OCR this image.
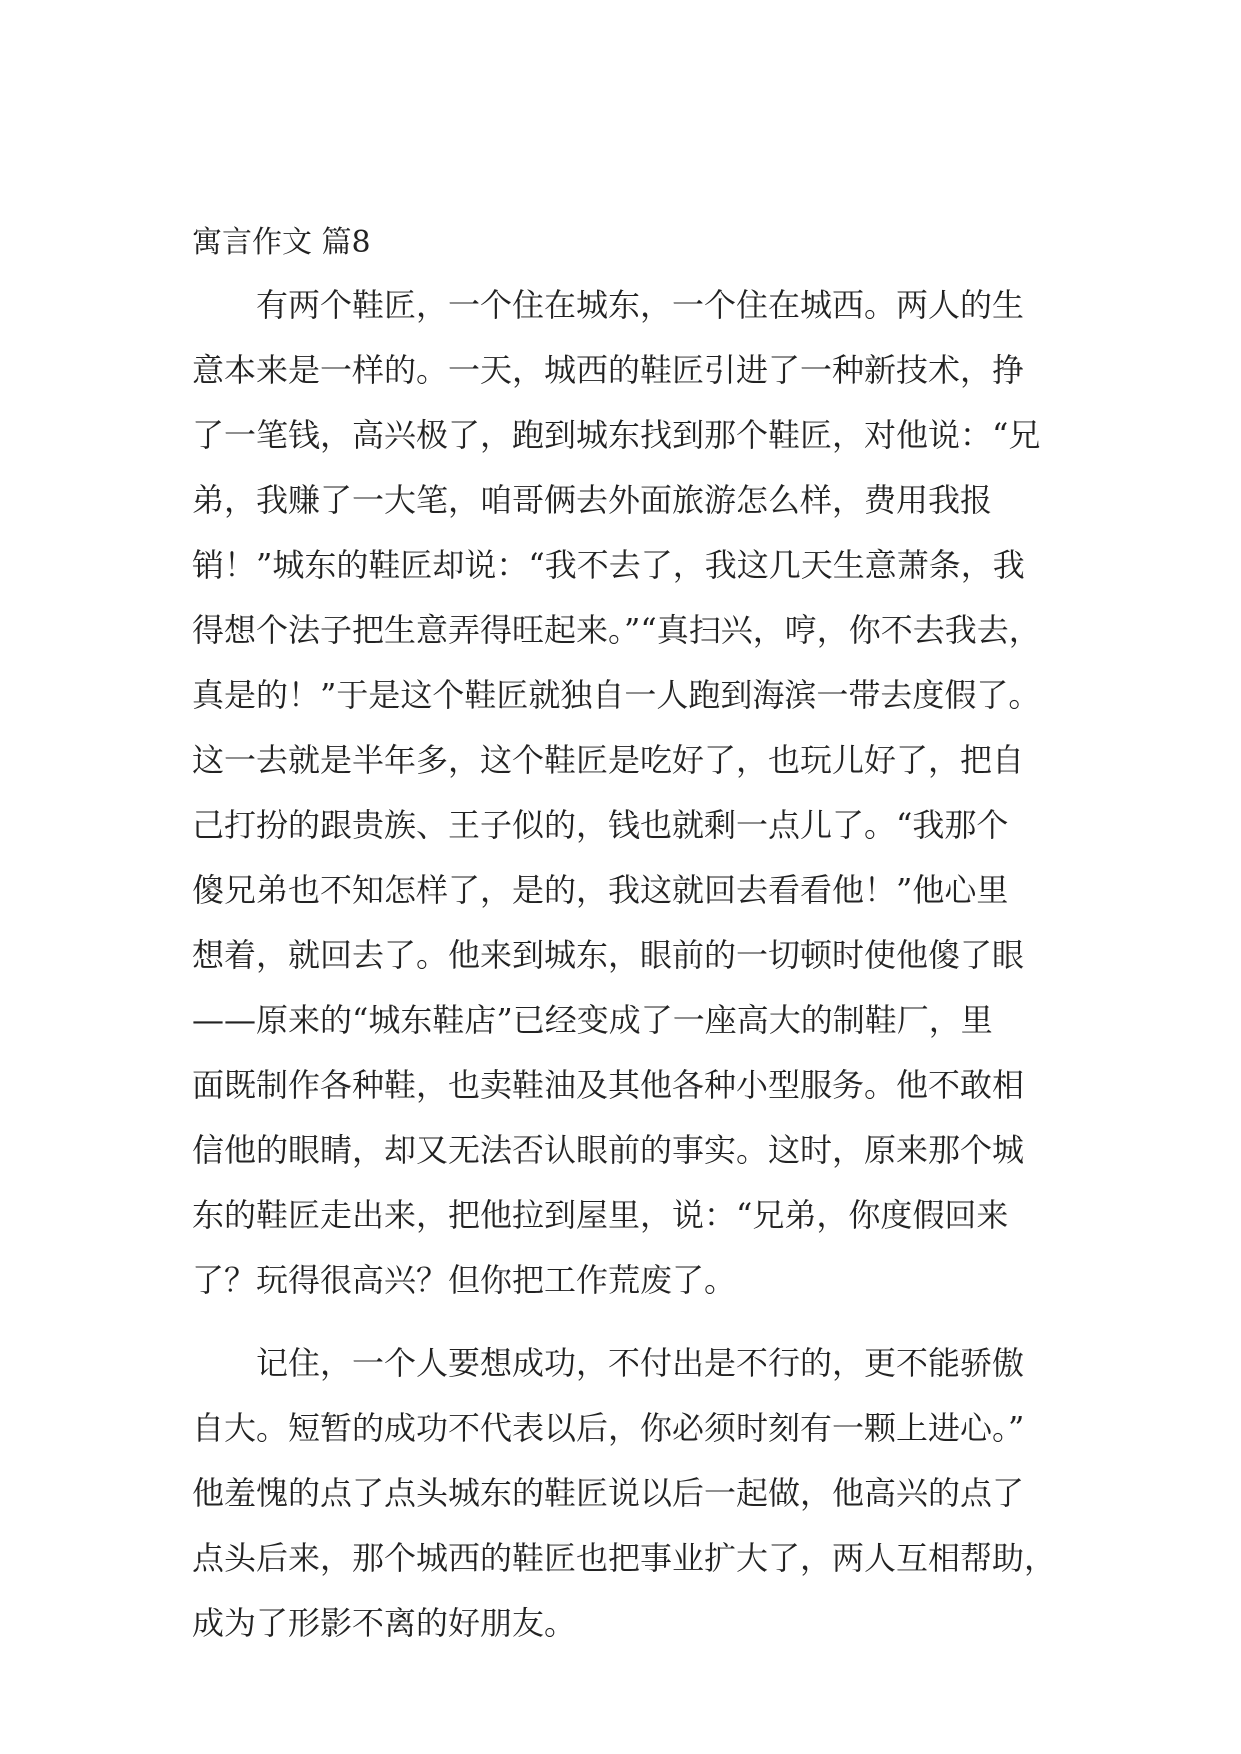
寓言作文 篇8

　　有两个鞋匠，一个住在城东，一个住在城西。两人的生
意本来是一样的。一天，城西的鞋匠引进了一种新技术，挣
了一笔钱，高兴极了，跑到城东找到那个鞋匠，对他说：“兄
弟，我赚了一大笔，咱哥俩去外面旅游怎么样，费用我报
销！”城东的鞋匠却说：“我不去了，我这几天生意萧条，我
得想个法子把生意弄得旺起来。”“真扫兴，哼，你不去我去，
真是的！”于是这个鞋匠就独自一人跑到海滨一带去度假了。
这一去就是半年多，这个鞋匠是吃好了，也玩儿好了，把自
己打扮的跟贵族、王子似的，钱也就剩一点儿了。“我那个
傻兄弟也不知怎样了，是的，我这就回去看看他！”他心里
想着，就回去了。他来到城东，眼前的一切顿时使他傻了眼
——原来的“城东鞋店”已经变成了一座高大的制鞋厂，里
面既制作各种鞋，也卖鞋油及其他各种小型服务。他不敢相
信他的眼睛，却又无法否认眼前的事实。这时，原来那个城
东的鞋匠走出来，把他拉到屋里，说：“兄弟，你度假回来
了？玩得很高兴？但你把工作荒废了。

　　记住，一个人要想成功，不付出是不行的，更不能骄傲
自大。短暂的成功不代表以后，你必须时刻有一颗上进心。”
他羞愧的点了点头城东的鞋匠说以后一起做，他高兴的点了
点头后来，那个城西的鞋匠也把事业扩大了，两人互相帮助，
成为了形影不离的好朋友。
